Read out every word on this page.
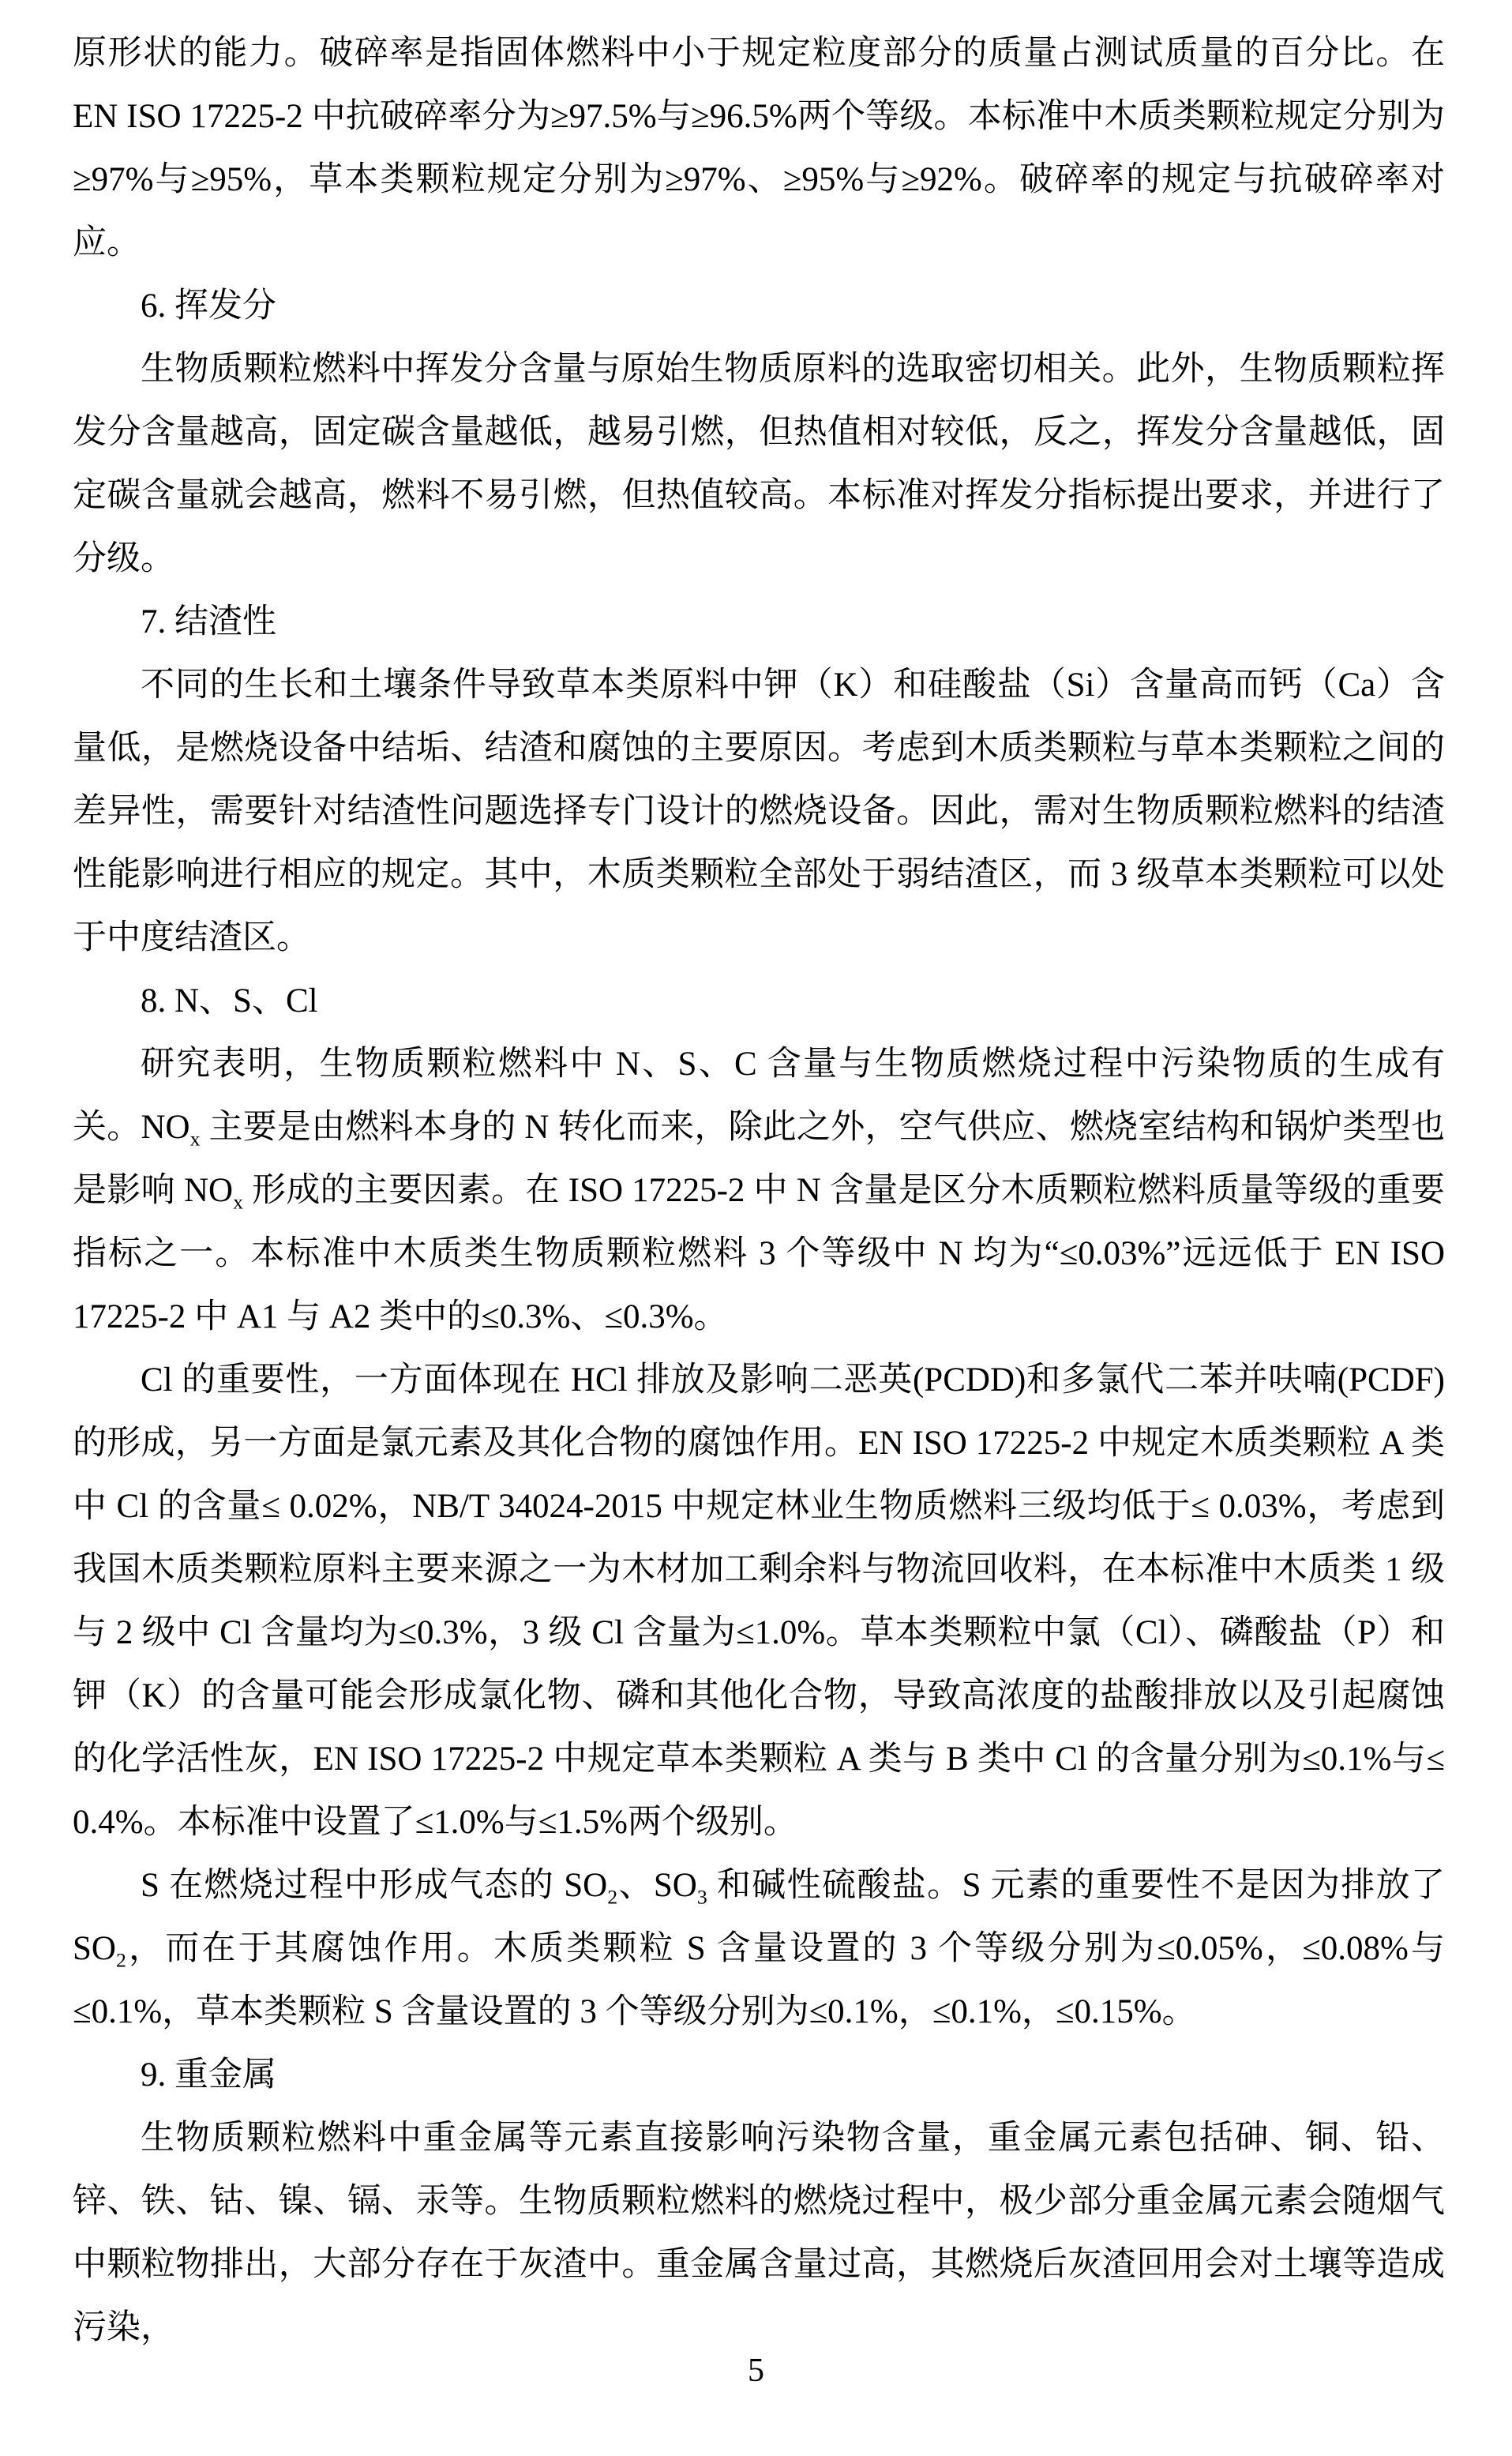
原形状的能力。破碎率是指固体燃料中小于规定粒度部分的质量占测试质量的百分比。在 EN ISO 17225-2 中抗破碎率分为≥97.5%与≥96.5%两个等级。本标准中木质类颗粒规定分别为≥97%与≥95%，草本类颗粒规定分别为≥97%、≥95%与≥92%。破碎率的规定与抗破碎率对应。

6. 挥发分

生物质颗粒燃料中挥发分含量与原始生物质原料的选取密切相关。此外，生物质颗粒挥发分含量越高，固定碳含量越低，越易引燃，但热值相对较低，反之，挥发分含量越低，固定碳含量就会越高，燃料不易引燃，但热值较高。本标准对挥发分指标提出要求，并进行了分级。

7. 结渣性

不同的生长和土壤条件导致草本类原料中钾（K）和硅酸盐（Si）含量高而钙（Ca）含量低，是燃烧设备中结垢、结渣和腐蚀的主要原因。考虑到木质类颗粒与草本类颗粒之间的差异性，需要针对结渣性问题选择专门设计的燃烧设备。因此，需对生物质颗粒燃料的结渣性能影响进行相应的规定。其中，木质类颗粒全部处于弱结渣区，而 3 级草本类颗粒可以处于中度结渣区。

8. N、S、Cl

研究表明，生物质颗粒燃料中 N、S、C 含量与生物质燃烧过程中污染物质的生成有关。$NO_x$ 主要是由燃料本身的 N 转化而来，除此之外，空气供应、燃烧室结构和锅炉类型也是影响 $NO_x$ 形成的主要因素。在 ISO 17225-2 中 N 含量是区分木质颗粒燃料质量等级的重要指标之一。本标准中木质类生物质颗粒燃料 3 个等级中 N 均为“≤0.03%”远远低于 EN ISO 17225-2 中 A1 与 A2 类中的≤0.3%、≤0.3%。

Cl 的重要性，一方面体现在 HCl 排放及影响二恶英(PCDD)和多氯代二苯并呋喃(PCDF)的形成，另一方面是氯元素及其化合物的腐蚀作用。EN ISO 17225-2 中规定木质类颗粒 A 类中 Cl 的含量≤ 0.02%，NB/T 34024-2015 中规定林业生物质燃料三级均低于≤ 0.03%，考虑到我国木质类颗粒原料主要来源之一为木材加工剩余料与物流回收料，在本标准中木质类 1 级与 2 级中 Cl 含量均为≤0.3%，3 级 Cl 含量为≤1.0%。草本类颗粒中氯（Cl）、磷酸盐（P）和钾（K）的含量可能会形成氯化物、磷和其他化合物，导致高浓度的盐酸排放以及引起腐蚀的化学活性灰，EN ISO 17225-2 中规定草本类颗粒 A 类与 B 类中 Cl 的含量分别为≤0.1%与≤ 0.4%。本标准中设置了≤1.0%与≤1.5%两个级别。

S 在燃烧过程中形成气态的 $SO_2$、$SO_3$ 和碱性硫酸盐。S 元素的重要性不是因为排放了 $SO_2$，而在于其腐蚀作用。木质类颗粒 S 含量设置的 3 个等级分别为≤0.05%，≤0.08%与≤0.1%，草本类颗粒 S 含量设置的 3 个等级分别为≤0.1%，≤0.1%，≤0.15%。

9. 重金属

生物质颗粒燃料中重金属等元素直接影响污染物含量，重金属元素包括砷、铜、铅、锌、铁、钴、镍、镉、汞等。生物质颗粒燃料的燃烧过程中，极少部分重金属元素会随烟气中颗粒物排出，大部分存在于灰渣中。重金属含量过高，其燃烧后灰渣回用会对土壤等造成污染，

5
